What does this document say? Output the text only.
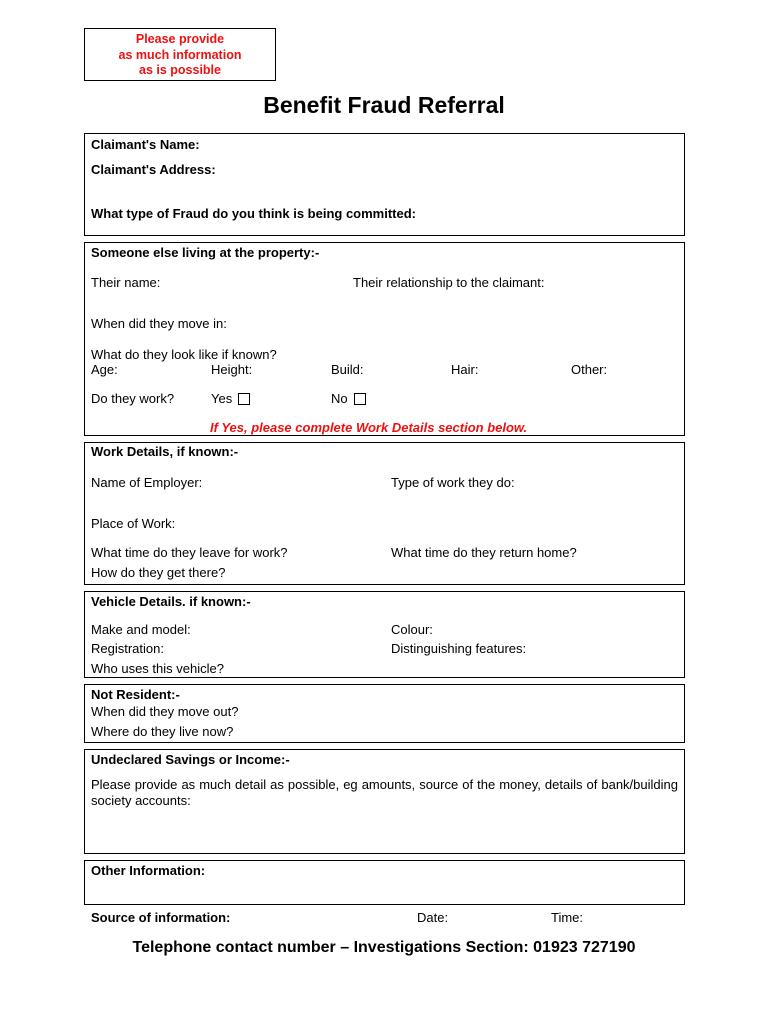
Please provide
as much information
as is possible
Benefit Fraud Referral
Claimant's Name:
Claimant's Address:
What type of Fraud do you think is being committed:
Someone else living at the property:-
Their name:	Their relationship to the claimant:
When did they move in:
What do they look like if known?
Age:	Height:	Build:	Hair:	Other:
Do they work?	Yes	No
If Yes, please complete Work Details section below.
Work Details, if known:-
Name of Employer:	Type of work they do:
Place of Work:
What time do they leave for work?	What time do they return home?
How do they get there?
Vehicle Details. if known:-
Make and model:	Colour:
Registration:	Distinguishing features:
Who uses this vehicle?
Not Resident:-
When did they move out?
Where do they live now?
Undeclared Savings or Income:-
Please provide as much detail as possible, eg amounts, source of the money, details of bank/building society accounts:
Other Information:
Source of information:	Date:	Time:
Telephone contact number – Investigations Section: 01923 727190
